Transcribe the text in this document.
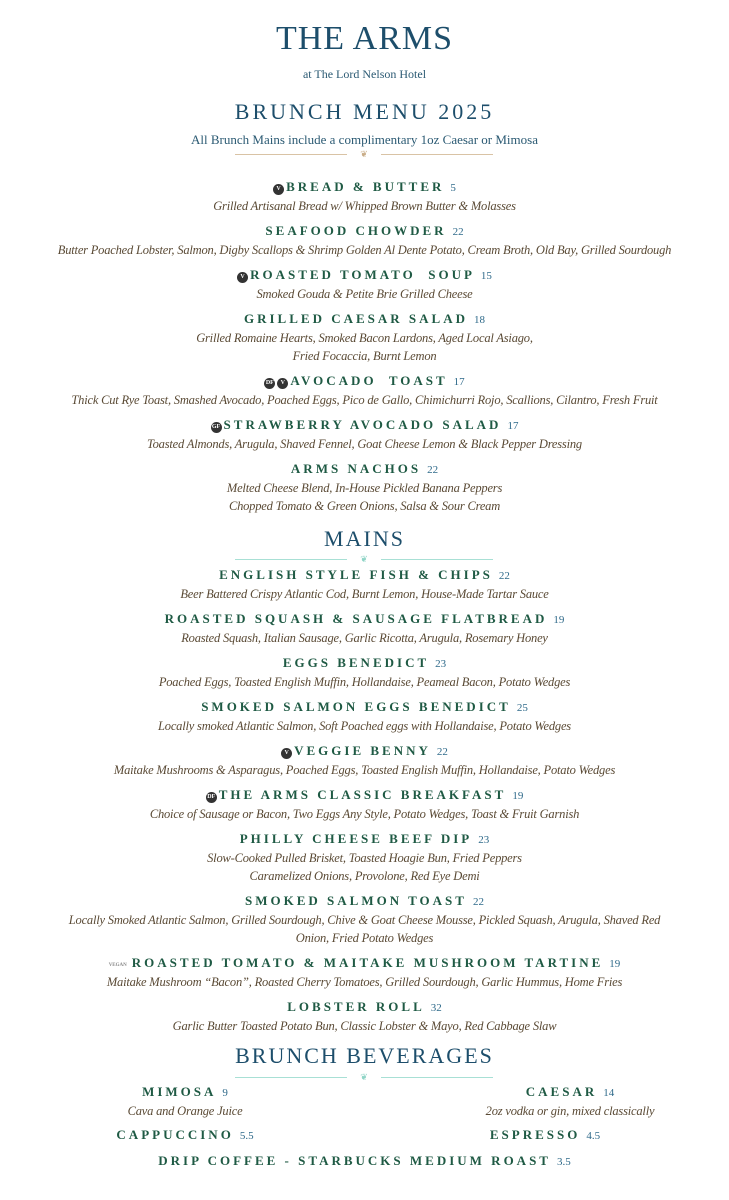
THE ARMS
at The Lord Nelson Hotel
BRUNCH MENU 2025
All Brunch Mains include a complimentary 1oz Caesar or Mimosa
❦
V BREAD & BUTTER 5
Grilled Artisanal Bread w/ Whipped Brown Butter & Molasses
SEAFOOD CHOWDER 22
Butter Poached Lobster, Salmon, Digby Scallops & Shrimp Golden Al Dente Potato, Cream Broth, Old Bay, Grilled Sourdough
V ROASTED TOMATO  SOUP 15
Smoked Gouda & Petite Brie Grilled Cheese
GRILLED CAESAR SALAD 18
Grilled Romaine Hearts, Smoked Bacon Lardons, Aged Local Asiago,
Fried Focaccia, Burnt Lemon
DF V AVOCADO  TOAST 17
Thick Cut Rye Toast, Smashed Avocado, Poached Eggs, Pico de Gallo, Chimichurri Rojo, Scallions, Cilantro, Fresh Fruit
GF STRAWBERRY AVOCADO SALAD 17
Toasted Almonds, Arugula, Shaved Fennel, Goat Cheese Lemon & Black Pepper Dressing
ARMS NACHOS 22
Melted Cheese Blend, In-House Pickled Banana Peppers
Chopped Tomato & Green Onions, Salsa & Sour Cream
MAINS
❦
ENGLISH STYLE FISH & CHIPS 22
Beer Battered Crispy Atlantic Cod, Burnt Lemon, House-Made Tartar Sauce
ROASTED SQUASH & SAUSAGE FLATBREAD 19
Roasted Squash, Italian Sausage, Garlic Ricotta, Arugula, Rosemary Honey
EGGS BENEDICT 23
Poached Eggs, Toasted English Muffin, Hollandaise, Peameal Bacon, Potato Wedges
SMOKED SALMON EGGS BENEDICT 25
Locally smoked Atlantic Salmon, Soft Poached eggs with Hollandaise, Potato Wedges
V VEGGIE BENNY 22
Maitake Mushrooms & Asparagus, Poached Eggs, Toasted English Muffin, Hollandaise, Potato Wedges
DF THE ARMS CLASSIC BREAKFAST 19
Choice of Sausage or Bacon, Two Eggs Any Style, Potato Wedges, Toast & Fruit Garnish
PHILLY CHEESE BEEF DIP 23
Slow-Cooked Pulled Brisket, Toasted Hoagie Bun, Fried Peppers
Caramelized Onions, Provolone, Red Eye Demi
SMOKED SALMON TOAST 22
Locally Smoked Atlantic Salmon, Grilled Sourdough, Chive & Goat Cheese Mousse, Pickled Squash, Arugula, Shaved Red
Onion, Fried Potato Wedges
VEGAN ROASTED TOMATO & MAITAKE MUSHROOM TARTINE 19
Maitake Mushroom “Bacon”, Roasted Cherry Tomatoes, Grilled Sourdough, Garlic Hummus, Home Fries
LOBSTER ROLL 32
Garlic Butter Toasted Potato Bun, Classic Lobster & Mayo, Red Cabbage Slaw
BRUNCH BEVERAGES
❦
MIMOSA 9
Cava and Orange Juice
CAESAR 14
2oz vodka or gin, mixed classically
CAPPUCCINO 5.5	ESPRESSO 4.5
DRIP COFFEE - STARBUCKS MEDIUM ROAST 3.5
